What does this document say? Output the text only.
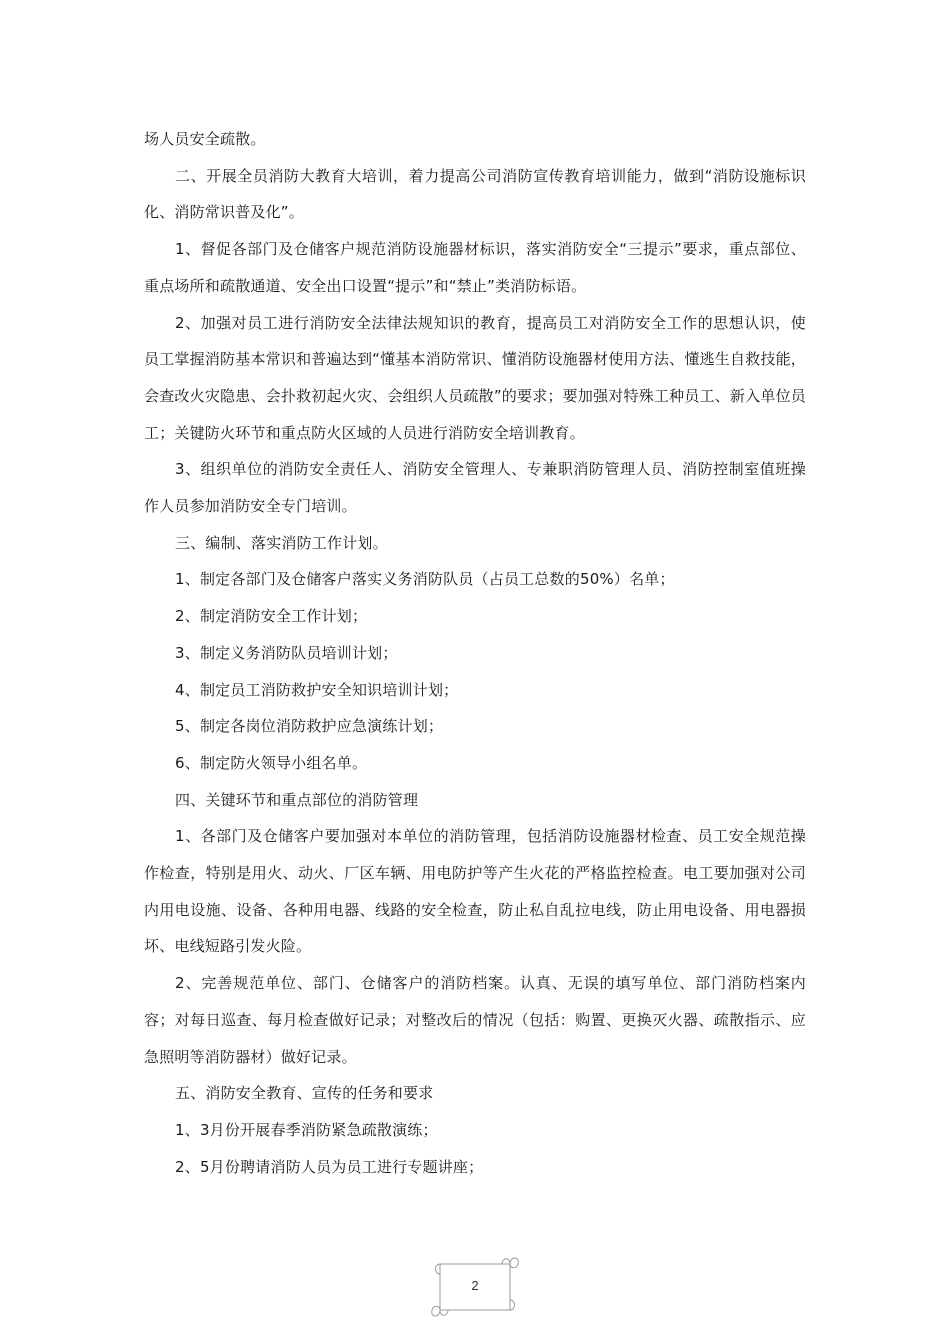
场人员安全疏散。

二、开展全员消防大教育大培训，着力提高公司消防宣传教育培训能力，做到“消防设施标识化、消防常识普及化”。

1、督促各部门及仓储客户规范消防设施器材标识，落实消防安全“三提示”要求，重点部位、重点场所和疏散通道、安全出口设置“提示”和“禁止”类消防标语。

2、加强对员工进行消防安全法律法规知识的教育，提高员工对消防安全工作的思想认识，使员工掌握消防基本常识和普遍达到“懂基本消防常识、懂消防设施器材使用方法、懂逃生自救技能，会查改火灾隐患、会扑救初起火灾、会组织人员疏散”的要求；要加强对特殊工种员工、新入单位员工；关键防火环节和重点防火区域的人员进行消防安全培训教育。

3、组织单位的消防安全责任人、消防安全管理人、专兼职消防管理人员、消防控制室值班操作人员参加消防安全专门培训。

三、编制、落实消防工作计划。

1、制定各部门及仓储客户落实义务消防队员（占员工总数的50%）名单；

2、制定消防安全工作计划；

3、制定义务消防队员培训计划；

4、制定员工消防救护安全知识培训计划；

5、制定各岗位消防救护应急演练计划；

6、制定防火领导小组名单。

四、关键环节和重点部位的消防管理

1、各部门及仓储客户要加强对本单位的消防管理，包括消防设施器材检查、员工安全规范操作检查，特别是用火、动火、厂区车辆、用电防护等产生火花的严格监控检查。电工要加强对公司内用电设施、设备、各种用电器、线路的安全检查，防止私自乱拉电线，防止用电设备、用电器损坏、电线短路引发火险。

2、完善规范单位、部门、仓储客户的消防档案。认真、无误的填写单位、部门消防档案内容；对每日巡查、每月检查做好记录；对整改后的情况（包括：购置、更换灭火器、疏散指示、应急照明等消防器材）做好记录。

五、消防安全教育、宣传的任务和要求

1、3月份开展春季消防紧急疏散演练；

2、5月份聘请消防人员为员工进行专题讲座；

2
